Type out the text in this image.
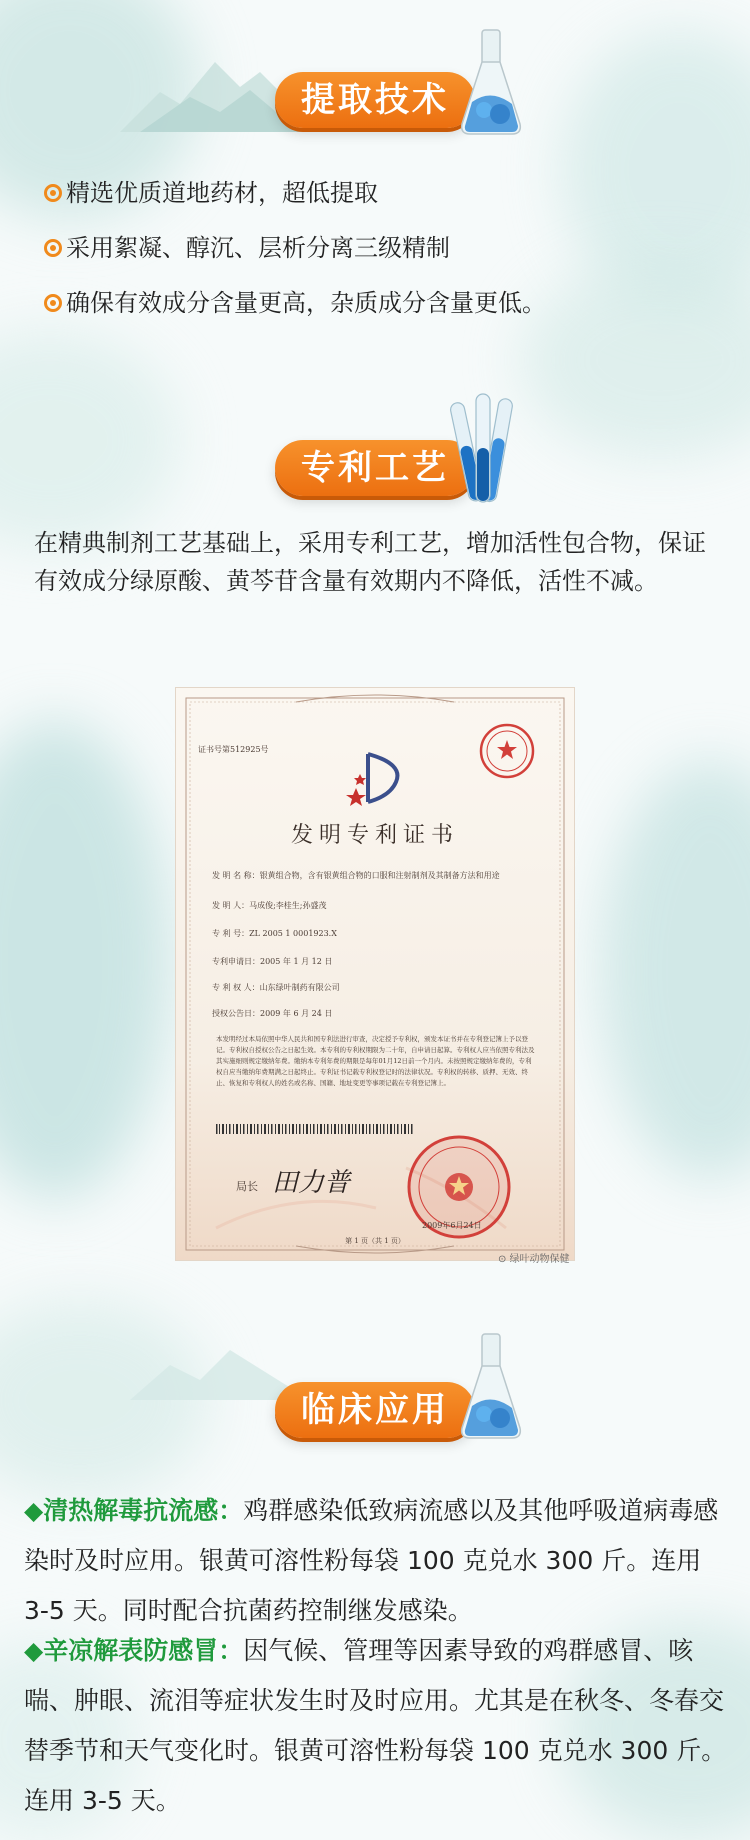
提取技术
精选优质道地药材，超低提取
采用絮凝、醇沉、层析分离三级精制
确保有效成分含量更高，杂质成分含量更低。
专利工艺
在精典制剂工艺基础上，采用专利工艺，增加活性包合物，保证有效成分绿原酸、黄芩苷含量有效期内不降低，活性不减。
证书号第512925号
发明专利证书
发 明 名 称：银黄组合物，含有银黄组合物的口服和注射制剂及其制备方法和用途
发 明 人：马成俊;李桂生;孙盛茂
专 利 号：ZL 2005 1 0001923.X
专利申请日：2005 年 1 月 12 日
专 利 权 人：山东绿叶制药有限公司
授权公告日：2009 年 6 月 24 日
本发明经过本局依照中华人民共和国专利法进行审查，决定授予专利权，颁发本证书并在专利登记簿上予以登记。专利权自授权公告之日起生效。本专利的专利权期限为二十年，自申请日起算。专利权人应当依照专利法及其实施细则规定缴纳年费。缴纳本专利年费的期限是每年01月12日前一个月内。未按照规定缴纳年费的，专利权自应当缴纳年费期满之日起终止。专利证书记载专利权登记时的法律状况。专利权的转移、质押、无效、终止、恢复和专利权人的姓名或名称、国籍、地址变更等事项记载在专利登记簿上。
局长 田力普
2009年6月24日
第 1 页（共 1 页）
⊙ 绿叶动物保健
临床应用
◆清热解毒抗流感：鸡群感染低致病流感以及其他呼吸道病毒感染时及时应用。银黄可溶性粉每袋 100 克兑水 300 斤。连用 3-5 天。同时配合抗菌药控制继发感染。
◆辛凉解表防感冒：因气候、管理等因素导致的鸡群感冒、咳喘、肿眼、流泪等症状发生时及时应用。尤其是在秋冬、冬春交替季节和天气变化时。银黄可溶性粉每袋 100 克兑水 300 斤。连用 3-5 天。
